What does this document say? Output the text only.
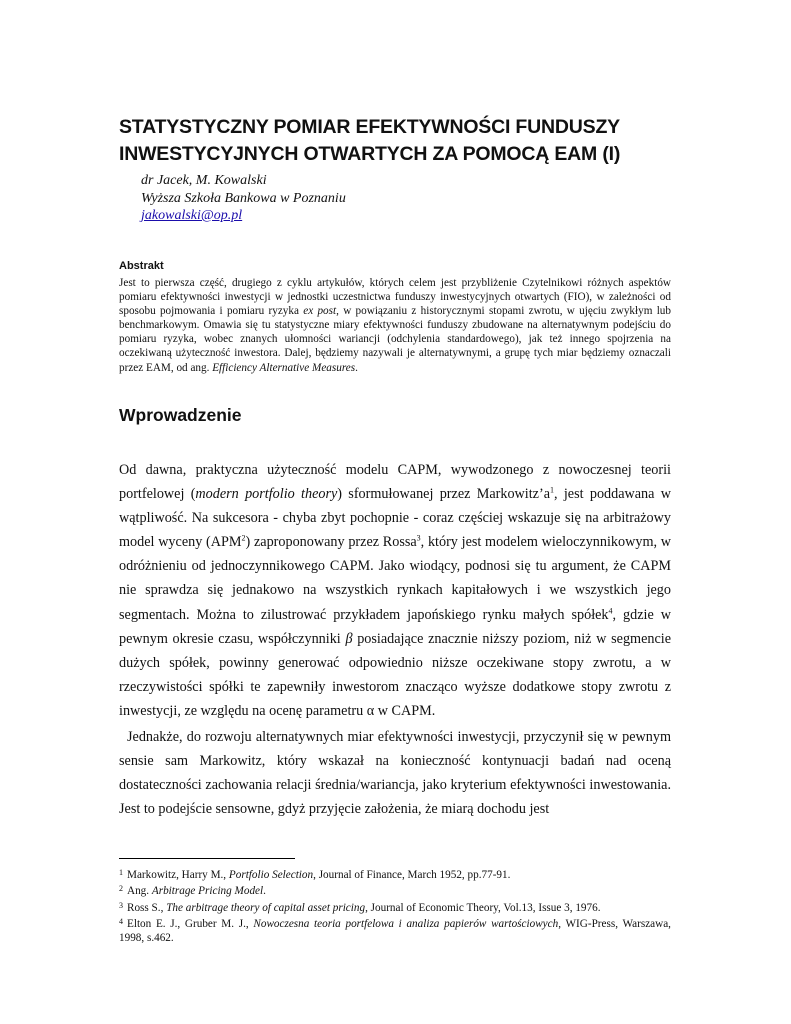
STATYSTYCZNY POMIAR EFEKTYWNOŚCI FUNDUSZY
INWESTYCYJNYCH OTWARTYCH ZA POMOCĄ EAM (I)
dr Jacek, M. Kowalski
Wyższa Szkoła Bankowa w Poznaniu
jakowalski@op.pl
Abstrakt
Jest to pierwsza część, drugiego z cyklu artykułów, których celem jest przybliżenie Czytelnikowi różnych aspektów pomiaru efektywności inwestycji w jednostki uczestnictwa funduszy inwestycyjnych otwartych (FIO), w zależności od sposobu pojmowania i pomiaru ryzyka ex post, w powiązaniu z historycznymi stopami zwrotu, w ujęciu zwykłym lub benchmarkowym. Omawia się tu statystyczne miary efektywności funduszy zbudowane na alternatywnym podejściu do pomiaru ryzyka, wobec znanych ułomności wariancji (odchylenia standardowego), jak też innego spojrzenia na oczekiwaną użyteczność inwestora. Dalej, będziemy nazywali je alternatywnymi, a grupę tych miar będziemy oznaczali przez EAM, od ang. Efficiency Alternative Measures.
Wprowadzenie

Od dawna, praktyczna użyteczność modelu CAPM, wywodzonego z nowoczesnej teorii portfelowej (modern portfolio theory) sformułowanej przez $Markowitz’a^1$, jest poddawana w wątpliwość. Na sukcesora - chyba zbyt pochopnie - coraz częściej wskazuje się na arbitrażowy model wyceny (APM$^2$) zaproponowany przez Rossa$^3$, który jest modelem wieloczynnikowym, w odróżnieniu od jednoczynnikowego CAPM. Jako wiodący, podnosi się tu argument, że CAPM nie sprawdza się jednakowo na wszystkich rynkach kapitałowych i we wszystkich jego segmentach. Można to zilustrować przykładem japońskiego rynku małych spółek$^4$, gdzie w pewnym okresie czasu, współczynniki β posiadające znacznie niższy poziom, niż w segmencie dużych spółek, powinny generować odpowiednio niższe oczekiwane stopy zwrotu, a w rzeczywistości spółki te zapewniły inwestorom znacząco wyższe dodatkowe stopy zwrotu z inwestycji, ze względu na ocenę parametru α w CAPM.

Jednakże, do rozwoju alternatywnych miar efektywności inwestycji, przyczynił się w pewnym sensie sam Markowitz, który wskazał na konieczność kontynuacji badań nad oceną dostateczności zachowania relacji średnia/wariancja, jako kryterium efektywności inwestowania. Jest to podejście sensowne, gdyż przyjęcie założenia, że miarą dochodu jest

$^1$ Markowitz, Harry M., Portfolio Selection, Journal of Finance, March 1952, pp.77-91.
$^2$ Ang. Arbitrage Pricing Model.
$^3$ Ross S., The arbitrage theory of capital asset pricing, Journal of Economic Theory, Vol.13, Issue 3, 1976.
$^4$ Elton E. J., Gruber M. J., Nowoczesna teoria portfelowa i analiza papierów wartościowych, WIG-Press, Warszawa, 1998, s.462.
